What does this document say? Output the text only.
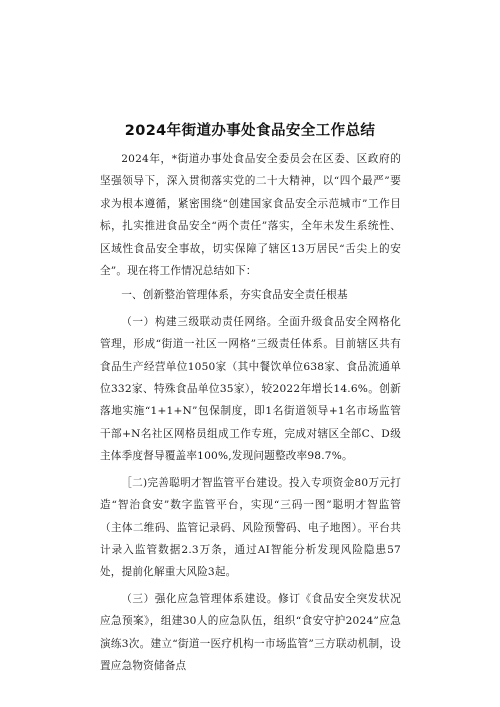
2024年街道办事处食品安全工作总结

2024年，*街道办事处食品安全委员会在区委、区政府的坚强领导下，深入贯彻落实党的二十大精神，以“四个最严”要求为根本遵循，紧密围绕“创建国家食品安全示范城市”工作目标，扎实推进食品安全“两个责任”落实，全年未发生系统性、区域性食品安全事故，切实保障了辖区13万居民“舌尖上的安全”。现在将工作情况总结如下：

一、创新整治管理体系，夯实食品安全责任根基

（一）构建三级联动责任网络。全面升级食品安全网格化管理，形成“街道一社区一网格”三级责任体系。目前辖区共有食品生产经营单位1050家（其中餐饮单位638家、食品流通单位332家、特殊食品单位35家），较2022年增长14.6%。创新落地实施“1+1+N”包保制度，即1名街道领导+1名市场监管干部+N名社区网格员组成工作专班，完成对辖区全部C、D级主体季度督导覆盖率100%,发现问题整改率98.7%。

［二)完善聪明才智监管平台建设。投入专项资金80万元打造“智治食安”数字监管平台，实现“三码一图”聪明才智监管（主体二维码、监管记录码、风险预警码、电子地图）。平台共计录入监管数据2.3万条，通过AI智能分析发现风险隐患57处，提前化解重大风险3起。

（三）强化应急管理体系建设。修订《食品安全突发状况应急预案》，组建30人的应急队伍，组织“食安守护2024”应急演练3次。建立“街道一医疗机构一市场监管”三方联动机制，设置应急物资储备点
